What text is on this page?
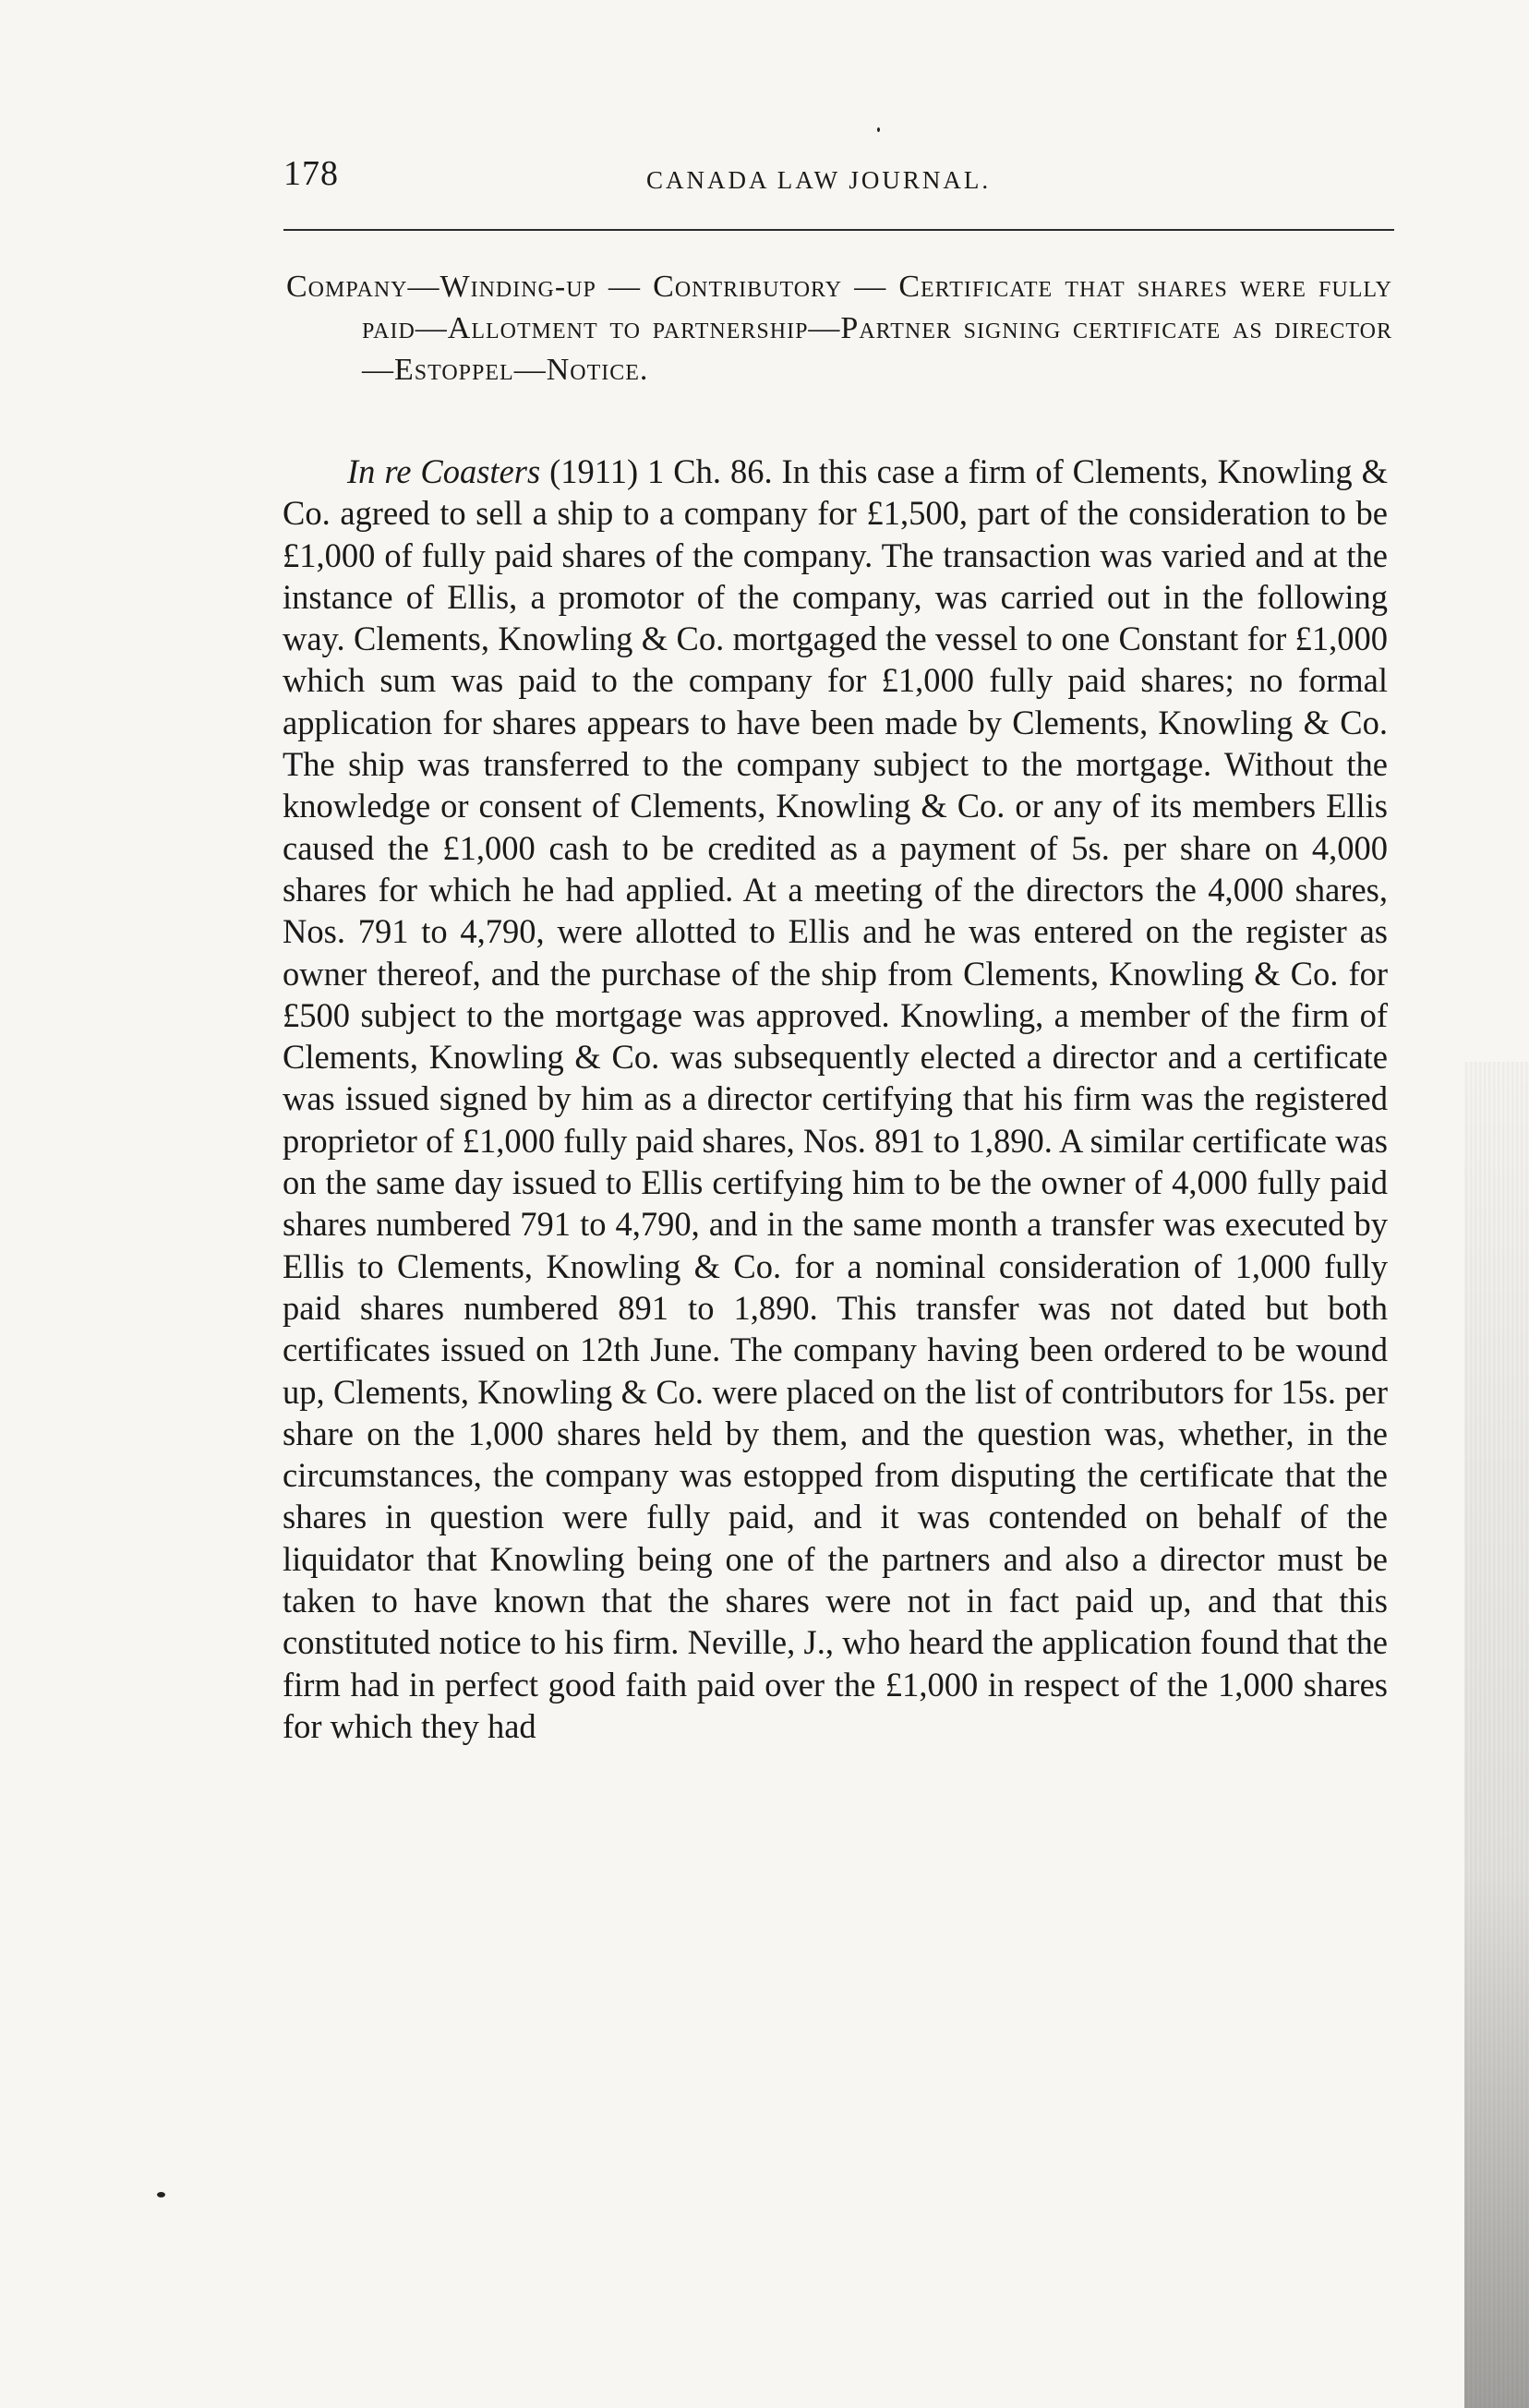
178	CANADA LAW JOURNAL.
Company—Winding-up — Contributory — Certificate that shares were fully paid—Allotment to partnership—Partner signing certificate as director—Estoppel—Notice.

In re Coasters (1911) 1 Ch. 86. In this case a firm of Clements, Knowling & Co. agreed to sell a ship to a company for £1,500, part of the consideration to be £1,000 of fully paid shares of the company. The transaction was varied and at the instance of Ellis, a promotor of the company, was carried out in the following way. Clements, Knowling & Co. mortgaged the vessel to one Constant for £1,000 which sum was paid to the company for £1,000 fully paid shares; no formal application for shares appears to have been made by Clements, Knowling & Co. The ship was transferred to the company subject to the mortgage. Without the knowledge or consent of Clements, Knowling & Co. or any of its members Ellis caused the £1,000 cash to be credited as a payment of 5s. per share on 4,000 shares for which he had applied. At a meeting of the directors the 4,000 shares, Nos. 791 to 4,790, were allotted to Ellis and he was entered on the register as owner thereof, and the purchase of the ship from Clements, Knowling & Co. for £500 subject to the mortgage was approved. Knowling, a member of the firm of Clements, Knowling & Co. was subsequently elected a director and a certificate was issued signed by him as a director certifying that his firm was the registered proprietor of £1,000 fully paid shares, Nos. 891 to 1,890. A similar certificate was on the same day issued to Ellis certifying him to be the owner of 4,000 fully paid shares numbered 791 to 4,790, and in the same month a transfer was executed by Ellis to Clements, Knowling & Co. for a nominal consideration of 1,000 fully paid shares numbered 891 to 1,890. This transfer was not dated but both certificates issued on 12th June. The company having been ordered to be wound up, Clements, Knowling & Co. were placed on the list of contributors for 15s. per share on the 1,000 shares held by them, and the question was, whether, in the circumstances, the company was estopped from disputing the certificate that the shares in question were fully paid, and it was contended on behalf of the liquidator that Knowling being one of the partners and also a director must be taken to have known that the shares were not in fact paid up, and that this constituted notice to his firm. Neville, J., who heard the application found that the firm had in perfect good faith paid over the £1,000 in respect of the 1,000 shares for which they had
